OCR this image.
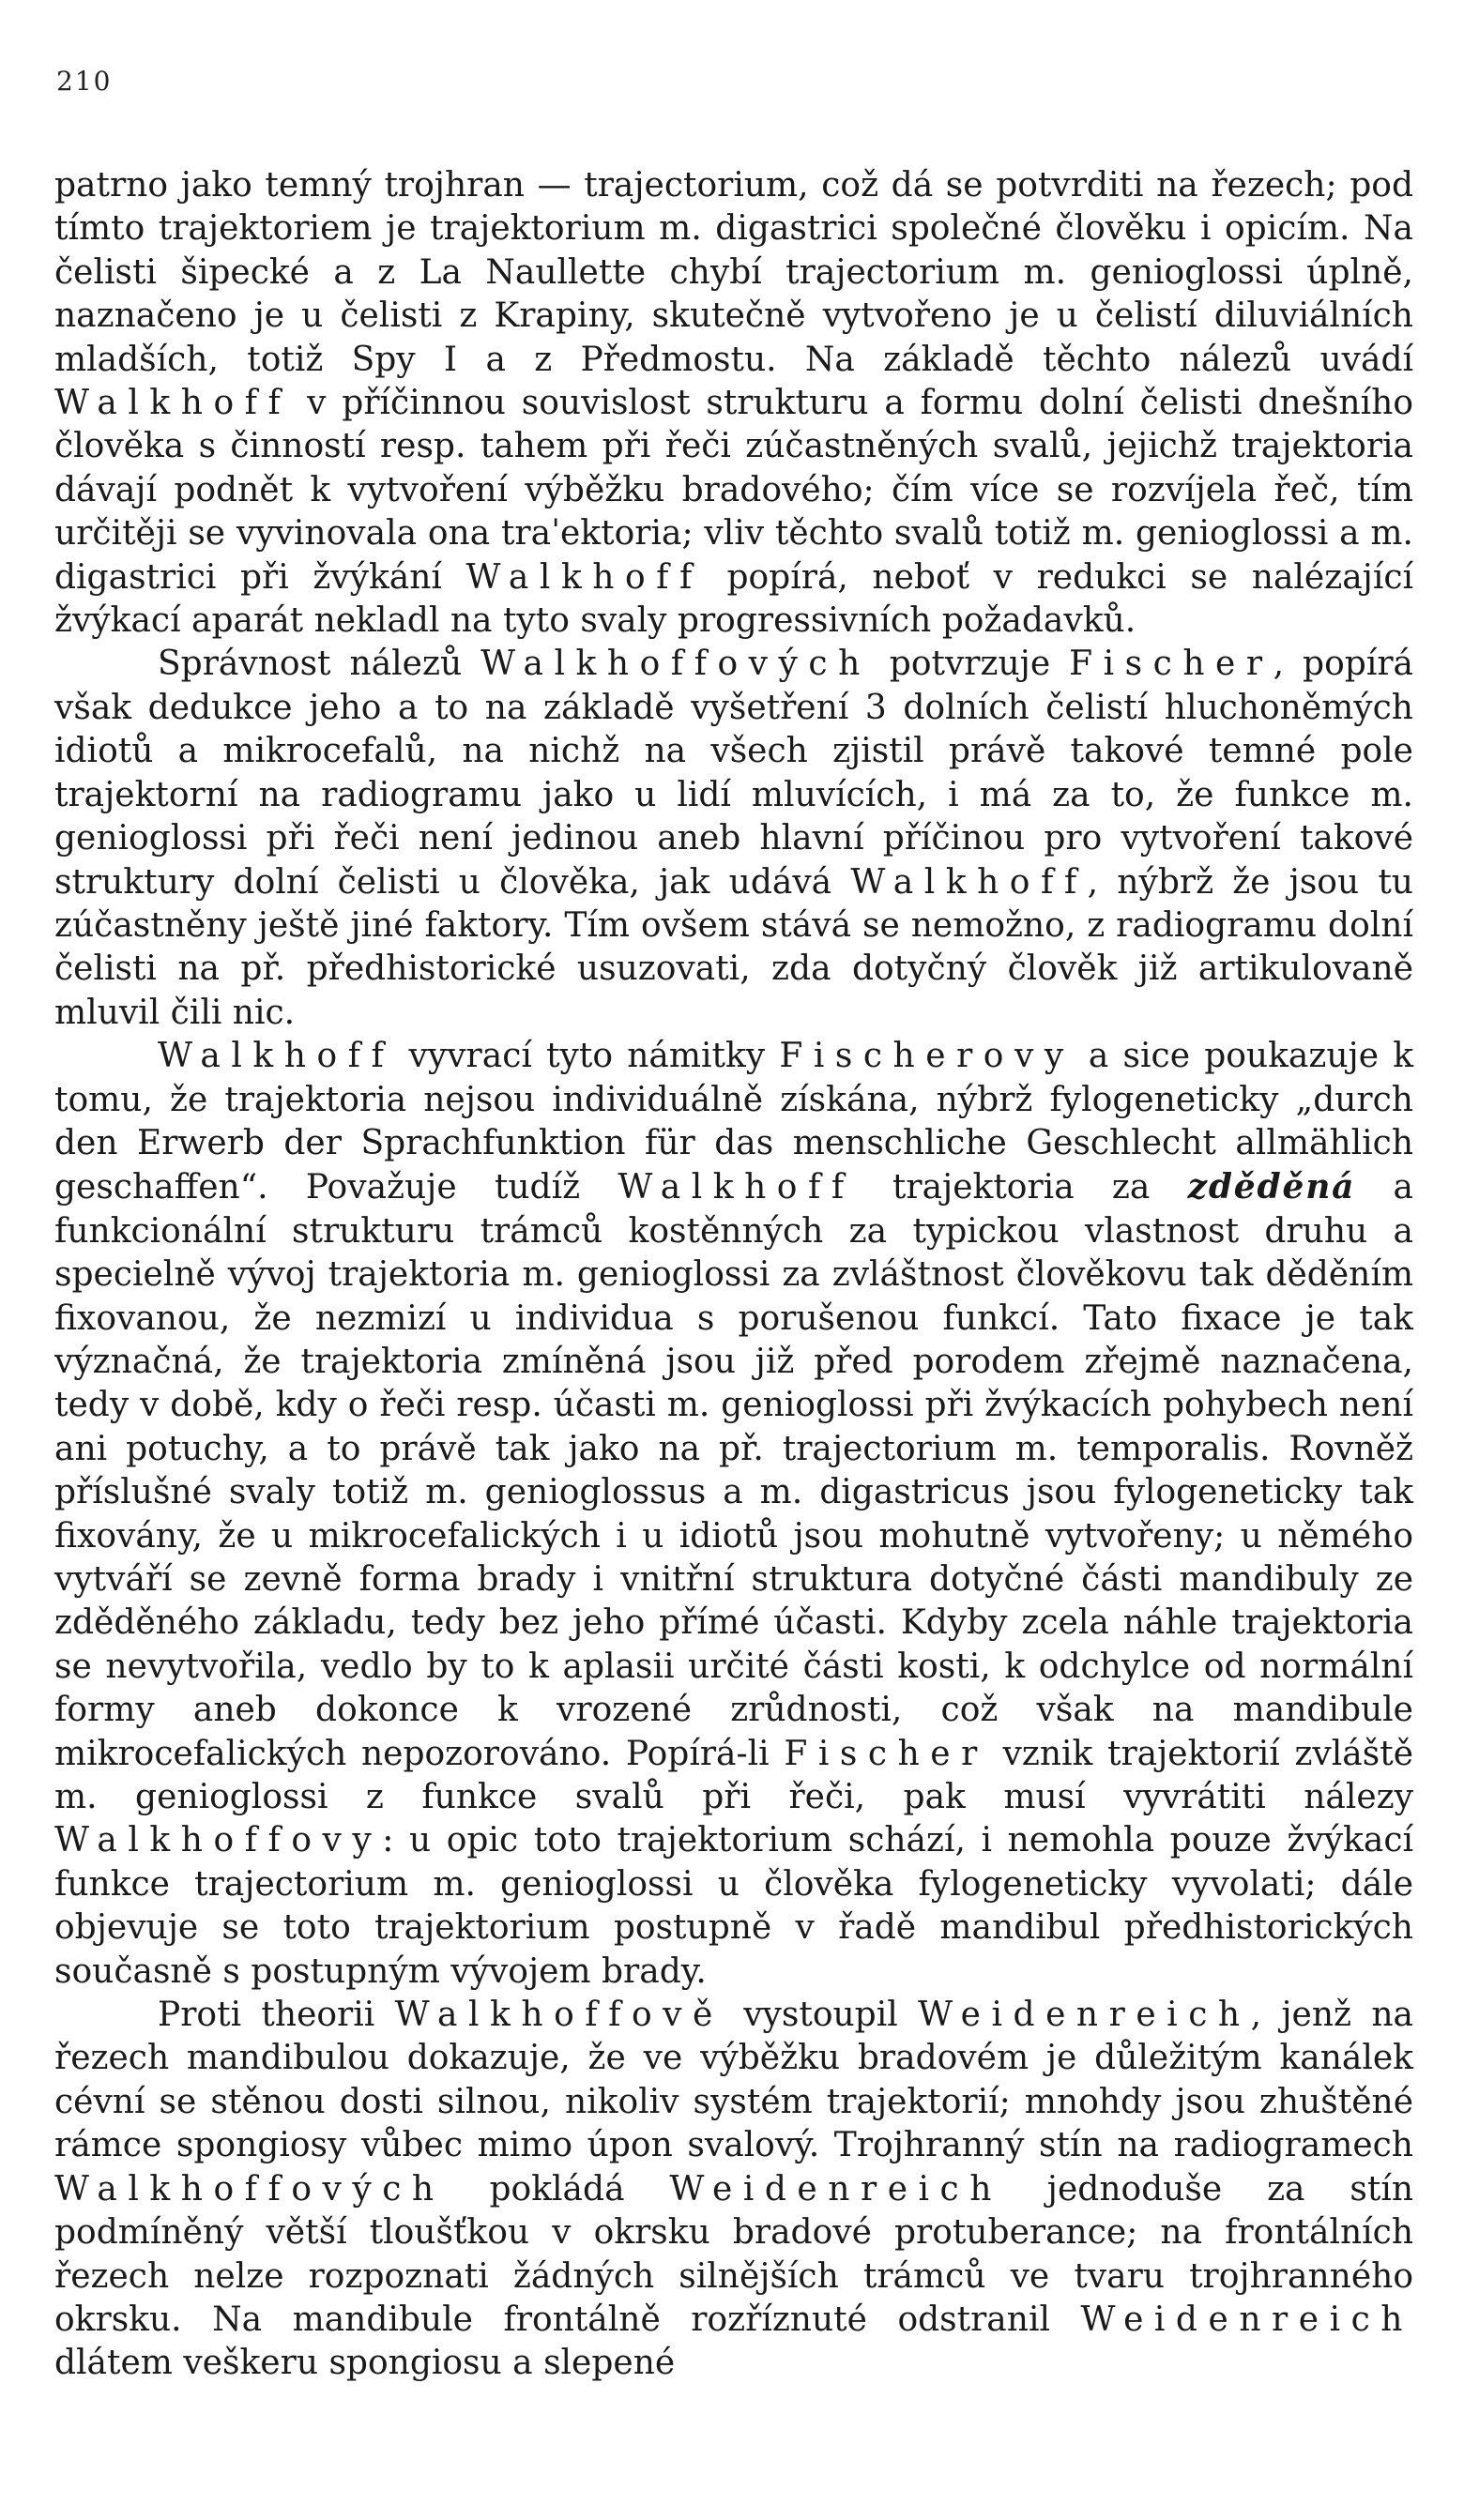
210

patrno jako temný trojhran — trajectorium, což dá se potvrditi na řezech; pod tímto trajektoriem je trajektorium m. digastrici společné člověku i opicím. Na čelisti šipecké a z La Naullette chybí trajectorium m. genioglossi úplně, naznačeno je u čelisti z Krapiny, skutečně vytvořeno je u čelistí diluviálních mladších, totiž Spy I a z Předmostu. Na základě těchto nálezů uvádí Walkhoff v příčinnou souvislost strukturu a formu dolní čelisti dnešního člověka s činností resp. tahem při řeči zúčastněných svalů, jejichž trajektoria dávají podnět k vytvoření výběžku bradového; čím více se rozvíjela řeč, tím určitěji se vyvinovala ona traˈektoria; vliv těchto svalů totiž m. genioglossi a m. digastrici při žvýkání Walkhoff popírá, neboť v redukci se nalézající žvýkací aparát nekladl na tyto svaly progressivních požadavků.

Správnost nálezů Walkhoffových potvrzuje Fischer, popírá však dedukce jeho a to na základě vyšetření 3 dolních čelistí hluchoněmých idiotů a mikrocefalů, na nichž na všech zjistil právě takové temné pole trajektorní na radiogramu jako u lidí mluvících, i má za to, že funkce m. genioglossi při řeči není jedinou aneb hlavní příčinou pro vytvoření takové struktury dolní čelisti u člověka, jak udává Walkhoff, nýbrž že jsou tu zúčastněny ještě jiné faktory. Tím ovšem stává se nemožno, z radiogramu dolní čelisti na př. předhistorické usuzovati, zda dotyčný člověk již artikulovaně mluvil čili nic.

Walkhoff vyvrací tyto námitky Fischerovy a sice poukazuje k tomu, že trajektoria nejsou individuálně získána, nýbrž fylogeneticky „durch den Erwerb der Sprachfunktion für das menschliche Geschlecht allmählich geschaffen“. Považuje tudíž Walkhoff trajektoria za zděděná a funkcionální strukturu trámců kostěnných za typickou vlastnost druhu a specielně vývoj trajektoria m. genioglossi za zvláštnost člověkovu tak děděním fixovanou, že nezmizí u individua s porušenou funkcí. Tato fixace je tak význačná, že trajektoria zmíněná jsou již před porodem zřejmě naznačena, tedy v době, kdy o řeči resp. účasti m. genioglossi při žvýkacích pohybech není ani potuchy, a to právě tak jako na př. trajectorium m. temporalis. Rovněž příslušné svaly totiž m. genioglossus a m. digastricus jsou fylogeneticky tak fixovány, že u mikrocefalických i u idiotů jsou mohutně vytvořeny; u němého vytváří se zevně forma brady i vnitřní struktura dotyčné části mandibuly ze zděděného základu, tedy bez jeho přímé účasti. Kdyby zcela náhle trajektoria se nevytvořila, vedlo by to k aplasii určité části kosti, k odchylce od normální formy aneb dokonce k vrozené zrůdnosti, což však na mandibule mikrocefalických nepozorováno. Popírá-li Fischer vznik trajektorií zvláště m. genioglossi z funkce svalů při řeči, pak musí vyvrátiti nálezy Walkhoffovy: u opic toto trajektorium schází, i nemohla pouze žvýkací funkce trajectorium m. genioglossi u člověka fylogeneticky vyvolati; dále objevuje se toto trajektorium postupně v řadě mandibul předhistorických současně s postupným vývojem brady.

Proti theorii Walkhoffově vystoupil Weidenreich, jenž na řezech mandibulou dokazuje, že ve výběžku bradovém je důležitým kanálek cévní se stěnou dosti silnou, nikoliv systém trajektorií; mnohdy jsou zhuštěné rámce spongiosy vůbec mimo úpon svalový. Trojhranný stín na radiogramech Walkhoffových pokládá Weidenreich jednoduše za stín podmíněný větší tloušťkou v okrsku bradové protuberance; na frontálních řezech nelze rozpoznati žádných silnějších trámců ve tvaru trojhranného okrsku. Na mandibule frontálně rozříznuté odstranil Weidenreich dlátem veškeru spongiosu a slepené
